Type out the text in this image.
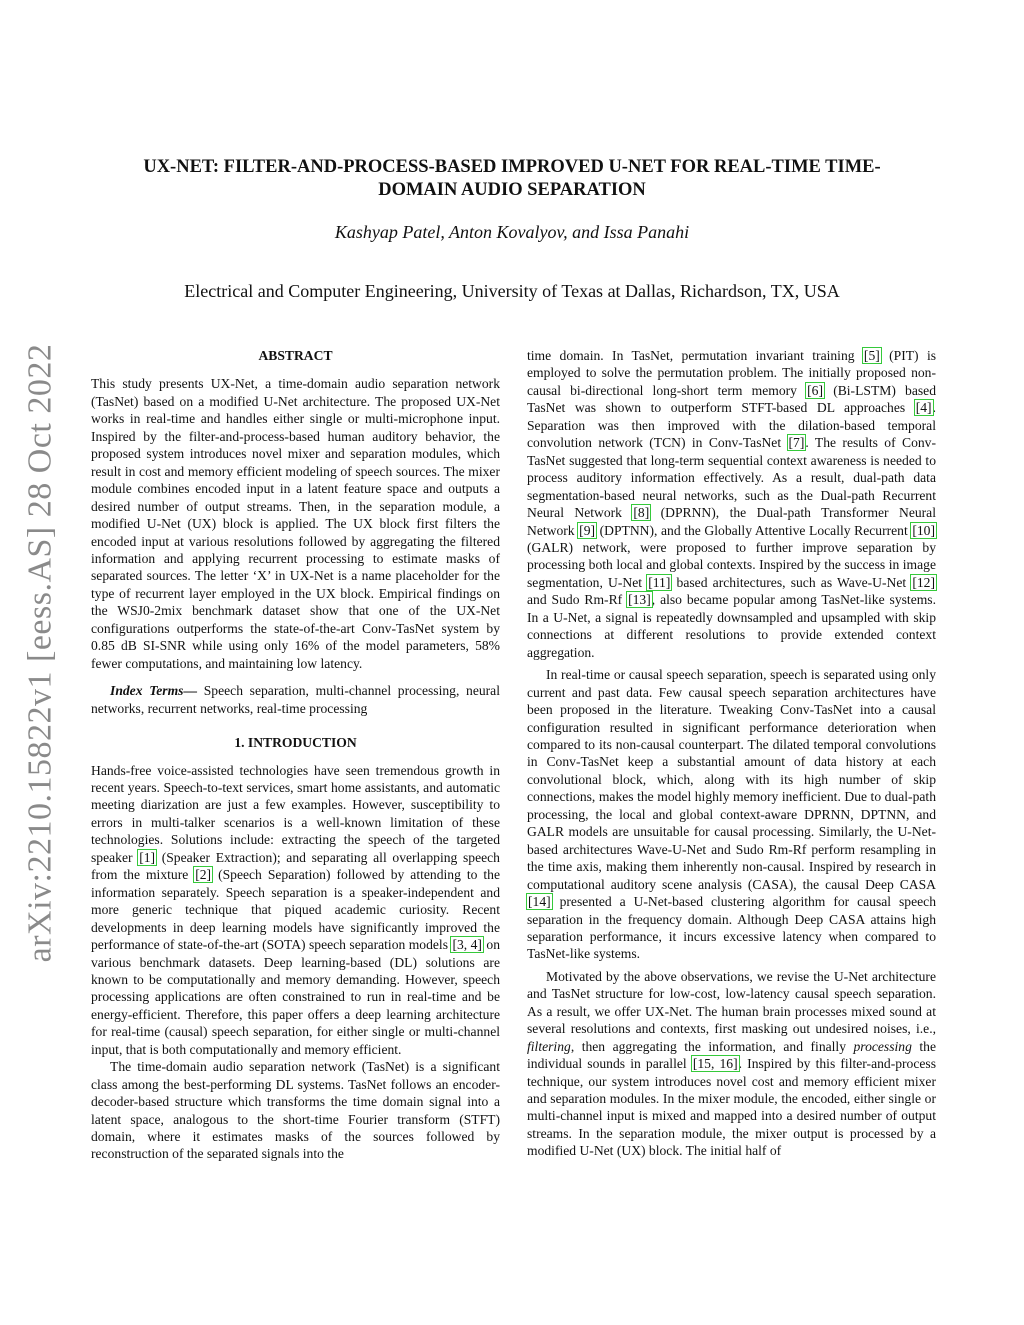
arXiv:2210.15822v1 [eess.AS] 28 Oct 2022
UX-NET: FILTER-AND-PROCESS-BASED IMPROVED U-NET FOR REAL-TIME TIME-DOMAIN AUDIO SEPARATION
Kashyap Patel, Anton Kovalyov, and Issa Panahi
Electrical and Computer Engineering, University of Texas at Dallas, Richardson, TX, USA

ABSTRACT

This study presents UX-Net, a time-domain audio separation network (TasNet) based on a modified U-Net architecture. The proposed UX-Net works in real-time and handles either single or multi-microphone input. Inspired by the filter-and-process-based human auditory behavior, the proposed system introduces novel mixer and separation modules, which result in cost and memory efficient modeling of speech sources. The mixer module combines encoded input in a latent feature space and outputs a desired number of output streams. Then, in the separation module, a modified U-Net (UX) block is applied. The UX block first filters the encoded input at various resolutions followed by aggregating the filtered information and applying recurrent processing to estimate masks of separated sources. The letter ‘X’ in UX-Net is a name placeholder for the type of recurrent layer employed in the UX block. Empirical findings on the WSJ0-2mix benchmark dataset show that one of the UX-Net configurations outperforms the state-of-the-art Conv-TasNet system by 0.85 dB SI-SNR while using only 16% of the model parameters, 58% fewer computations, and maintaining low latency.

Index Terms— Speech separation, multi-channel processing, neural networks, recurrent networks, real-time processing

1. INTRODUCTION

Hands-free voice-assisted technologies have seen tremendous growth in recent years. Speech-to-text services, smart home assistants, and automatic meeting diarization are just a few examples. However, susceptibility to errors in multi-talker scenarios is a well-known limitation of these technologies. Solutions include: extracting the speech of the targeted speaker [1] (Speaker Extraction); and separating all overlapping speech from the mixture [2] (Speech Separation) followed by attending to the information separately. Speech separation is a speaker-independent and more generic technique that piqued academic curiosity. Recent developments in deep learning models have significantly improved the performance of state-of-the-art (SOTA) speech separation models [3, 4] on various benchmark datasets. Deep learning-based (DL) solutions are known to be computationally and memory demanding. However, speech processing applications are often constrained to run in real-time and be energy-efficient. Therefore, this paper offers a deep learning architecture for real-time (causal) speech separation, for either single or multi-channel input, that is both computationally and memory efficient.

The time-domain audio separation network (TasNet) is a significant class among the best-performing DL systems. TasNet follows an encoder-decoder-based structure which transforms the time domain signal into a latent space, analogous to the short-time Fourier transform (STFT) domain, where it estimates masks of the sources followed by reconstruction of the separated signals into the

time domain. In TasNet, permutation invariant training [5] (PIT) is employed to solve the permutation problem. The initially proposed non-causal bi-directional long-short term memory [6] (Bi-LSTM) based TasNet was shown to outperform STFT-based DL approaches [4]. Separation was then improved with the dilation-based temporal convolution network (TCN) in Conv-TasNet [7]. The results of Conv-TasNet suggested that long-term sequential context awareness is needed to process auditory information effectively. As a result, dual-path data segmentation-based neural networks, such as the Dual-path Recurrent Neural Network [8] (DPRNN), the Dual-path Transformer Neural Network [9] (DPTNN), and the Globally Attentive Locally Recurrent [10] (GALR) network, were proposed to further improve separation by processing both local and global contexts. Inspired by the success in image segmentation, U-Net [11] based architectures, such as Wave-U-Net [12] and Sudo Rm-Rf [13], also became popular among TasNet-like systems. In a U-Net, a signal is repeatedly downsampled and upsampled with skip connections at different resolutions to provide extended context aggregation.

In real-time or causal speech separation, speech is separated using only current and past data. Few causal speech separation architectures have been proposed in the literature. Tweaking Conv-TasNet into a causal configuration resulted in significant performance deterioration when compared to its non-causal counterpart. The dilated temporal convolutions in Conv-TasNet keep a substantial amount of data history at each convolutional block, which, along with its high number of skip connections, makes the model highly memory inefficient. Due to dual-path processing, the local and global context-aware DPRNN, DPTNN, and GALR models are unsuitable for causal processing. Similarly, the U-Net-based architectures Wave-U-Net and Sudo Rm-Rf perform resampling in the time axis, making them inherently non-causal. Inspired by research in computational auditory scene analysis (CASA), the causal Deep CASA [14] presented a U-Net-based clustering algorithm for causal speech separation in the frequency domain. Although Deep CASA attains high separation performance, it incurs excessive latency when compared to TasNet-like systems.

Motivated by the above observations, we revise the U-Net architecture and TasNet structure for low-cost, low-latency causal speech separation. As a result, we offer UX-Net. The human brain processes mixed sound at several resolutions and contexts, first masking out undesired noises, i.e., filtering, then aggregating the information, and finally processing the individual sounds in parallel [15, 16]. Inspired by this filter-and-process technique, our system introduces novel cost and memory efficient mixer and separation modules. In the mixer module, the encoded, either single or multi-channel input is mixed and mapped into a desired number of output streams. In the separation module, the mixer output is processed by a modified U-Net (UX) block. The initial half of
